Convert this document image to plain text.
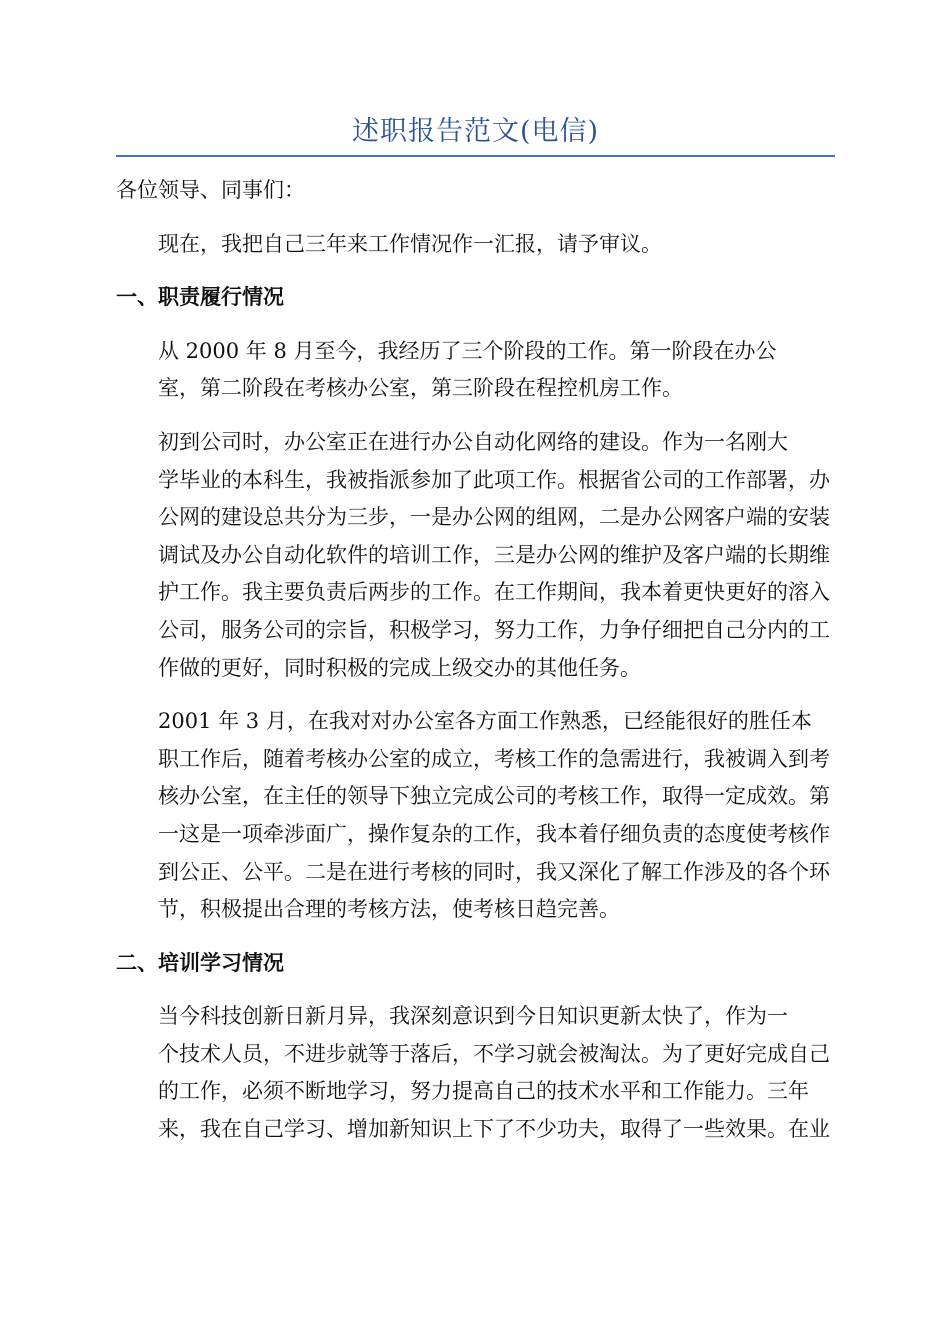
述职报告范文(电信)

各位领导、同事们：

现在，我把自己三年来工作情况作一汇报，请予审议。

一、职责履行情况

从 2000 年 8 月至今，我经历了三个阶段的工作。第一阶段在办公
室，第二阶段在考核办公室，第三阶段在程控机房工作。

初到公司时，办公室正在进行办公自动化网络的建设。作为一名刚大
学毕业的本科生，我被指派参加了此项工作。根据省公司的工作部署，办
公网的建设总共分为三步，一是办公网的组网，二是办公网客户端的安装
调试及办公自动化软件的培训工作，三是办公网的维护及客户端的长期维
护工作。我主要负责后两步的工作。在工作期间，我本着更快更好的溶入
公司，服务公司的宗旨，积极学习，努力工作，力争仔细把自己分内的工
作做的更好，同时积极的完成上级交办的其他任务。

2001 年 3 月，在我对对办公室各方面工作熟悉，已经能很好的胜任本
职工作后，随着考核办公室的成立，考核工作的急需进行，我被调入到考
核办公室，在主任的领导下独立完成公司的考核工作，取得一定成效。第
一这是一项牵涉面广，操作复杂的工作，我本着仔细负责的态度使考核作
到公正、公平。二是在进行考核的同时，我又深化了解工作涉及的各个环
节，积极提出合理的考核方法，使考核日趋完善。

二、培训学习情况

当今科技创新日新月异，我深刻意识到今日知识更新太快了，作为一
个技术人员，不进步就等于落后，不学习就会被淘汰。为了更好完成自己
的工作，必须不断地学习，努力提高自己的技术水平和工作能力。三年
来，我在自己学习、增加新知识上下了不少功夫，取得了一些效果。在业
